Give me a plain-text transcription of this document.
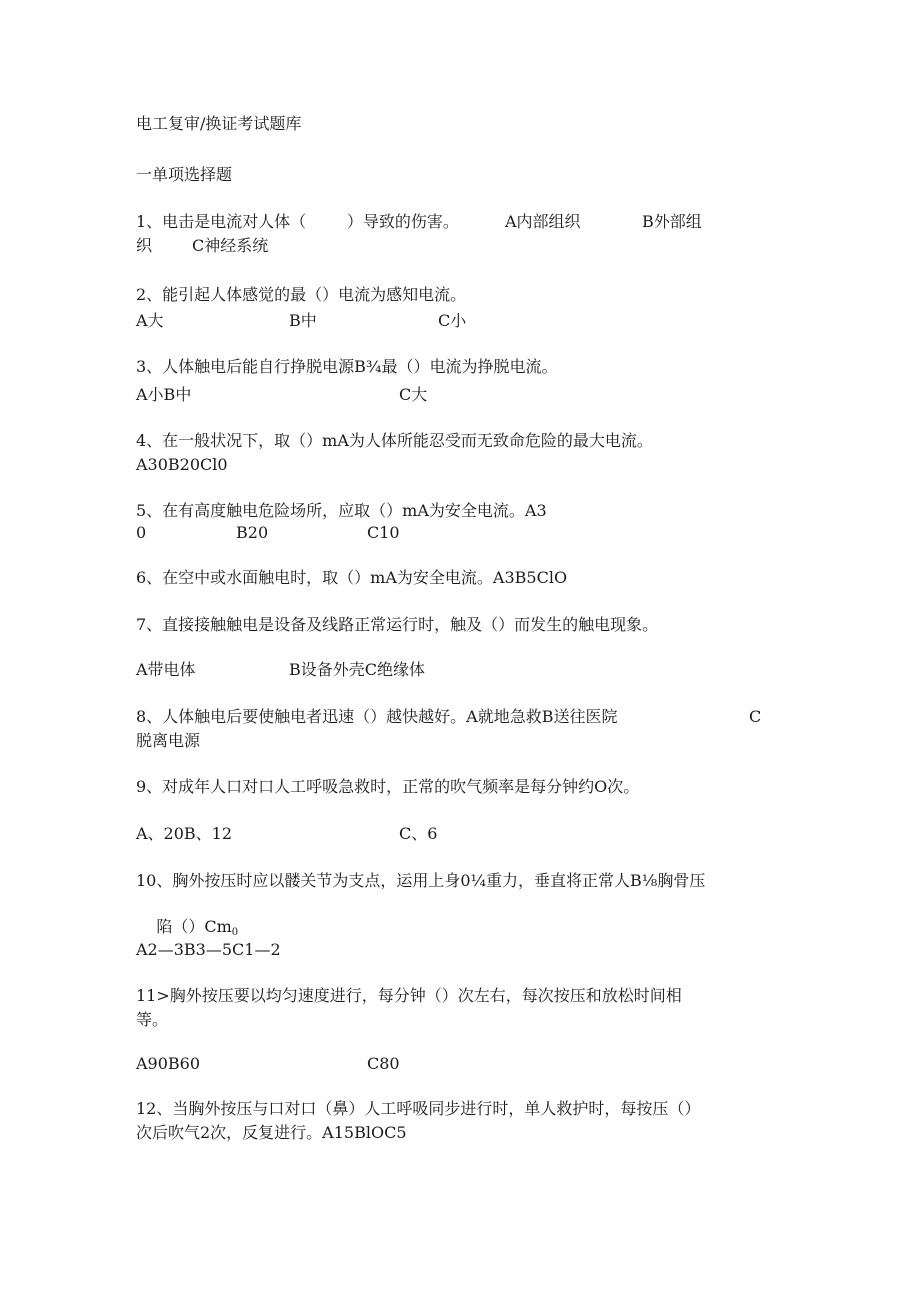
电工复审/换证考试题库
一单项选择题

1、电击是电流对人体（        ）导致的伤害。

	A内部组织

	B外部组

织

C神经系统

2、能引起人体感觉的最（）电流为感知电流。

A大

	B中

	C小

3、人体触电后能自行挣脱电源B¾最（）电流为挣脱电流。

A小B中

	C大

4、在一般状况下，取（）mA为人体所能忍受而无致命危险的最大电流。
A30B20Cl0
5、在有高度触电危险场所，应取（）mA为安全电流。A3

0

	B20

	C10

6、在空中或水面触电时，取（）mA为安全电流。A3B5ClO
7、直接接触触电是设备及线路正常运行时，触及（）而发生的触电现象。

A带电体

	B设备外壳C绝缘体

8、人体触电后要使触电者迅速（）越快越好。A就地急救B送往医院

	C

脱离电源
9、对成年人口对口人工呼吸急救时，正常的吹气频率是每分钟约O次。

A、20B、12

	C、6

10、胸外按压时应以髅关节为支点，运用上身0¼重力，垂直将正常人B⅛胸骨压

陷$()Cm_0$

A2—3B3—5C1—2
11>胸外按压要以均匀速度进行，每分钟（）次左右，每次按压和放松时间相
等。

A90B60

	C80

12、当胸外按压与口对口（鼻）人工呼吸同步进行时，单人救护时，每按压（）
次后吹气2次，反复进行。A15BlOC5
